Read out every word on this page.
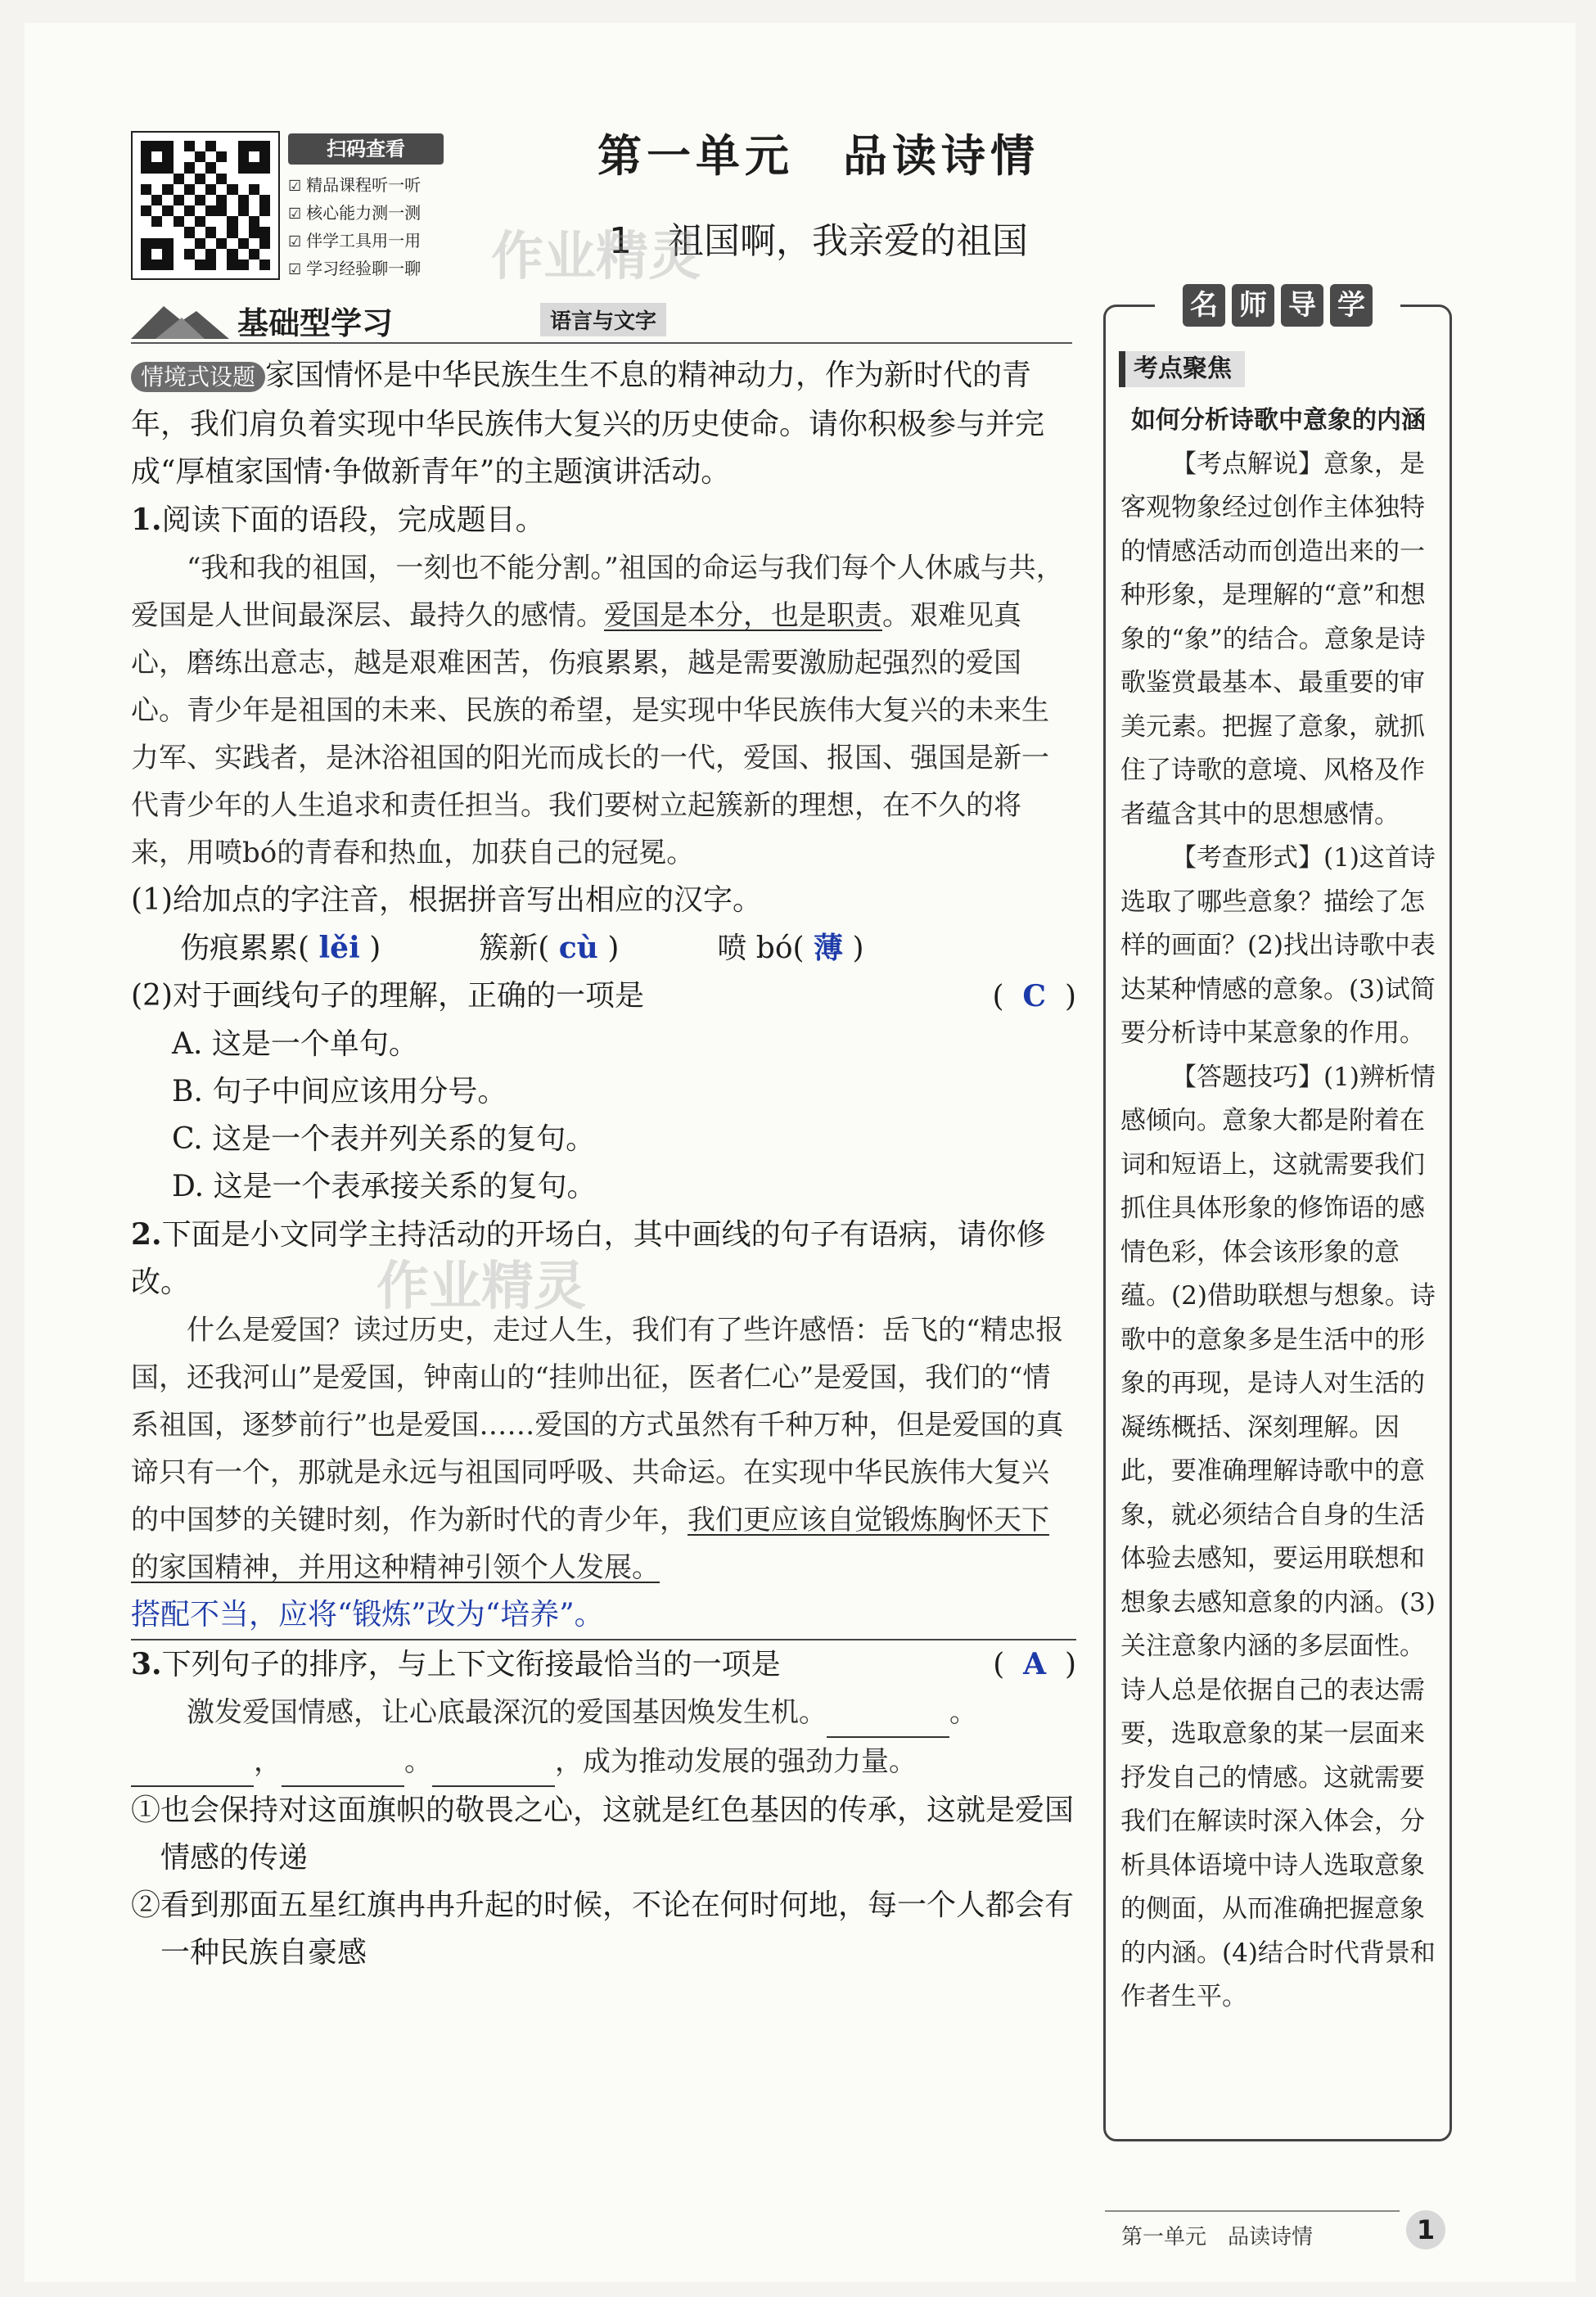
扫码查看
☑ 精品课程听一听
☑ 核心能力测一测
☑ 伴学工具用一用
☑ 学习经验聊一聊
第一单元　品读诗情
1　祖国啊，我亲爱的祖国
作业精灵
基础型学习	语言与文字

情境式设题 家国情怀是中华民族生生不息的精神动力，作为新时代的青年，我们肩负着实现中华民族伟大复兴的历史使命。请你积极参与并完成“厚植家国情·争做新青年”的主题演讲活动。

1.阅读下面的语段，完成题目。

“我和我的祖国，一刻也不能分割。”祖国的命运与我们每个人休戚与共，爱国是人世间最深层、最持久的感情。爱国是本分，也是职责。艰难见真心，磨练出意志，越是艰难困苦，伤痕累累，越是需要激励起强烈的爱国心。青少年是祖国的未来、民族的希望，是实现中华民族伟大复兴的未来生力军、实践者，是沐浴祖国的阳光而成长的一代，爱国、报国、强国是新一代青少年的人生追求和责任担当。我们要树立起簇新的理想，在不久的将来，用喷bó的青春和热血，加获自己的冠冕。

(1)给加点的字注音，根据拼音写出相应的汉字。

伤痕累累( lěi )	簇新( cù )	喷 bó( 薄 )
(2)对于画线句子的理解，正确的一项是	(  C  )

A. 这是一个单句。

B. 句子中间应该用分号。

C. 这是一个表并列关系的复句。

D. 这是一个表承接关系的复句。

2.下面是小文同学主持活动的开场白，其中画线的句子有语病，请你修改。

什么是爱国？读过历史，走过人生，我们有了些许感悟：岳飞的“精忠报国，还我河山”是爱国，钟南山的“挂帅出征，医者仁心”是爱国，我们的“情系祖国，逐梦前行”也是爱国……爱国的方式虽然有千种万种，但是爱国的真谛只有一个，那就是永远与祖国同呼吸、共命运。在实现中华民族伟大复兴的中国梦的关键时刻，作为新时代的青少年，我们更应该自觉锻炼胸怀天下的家国精神，并用这种精神引领个人发展。

搭配不当，应将“锻炼”改为“培养”。

3.下列句子的排序，与上下文衔接最恰当的一项是	(  A  )

激发爱国情感，让心底最深沉的爱国基因焕发生机。	。

，	。	，成为推动发展的强劲力量。

①也会保持对这面旗帜的敬畏之心，这就是红色基因的传承，这就是爱国情感的传递

②看到那面五星红旗冉冉升起的时候，不论在何时何地，每一个人都会有一种民族自豪感

作业精灵
名 师 导 学
考点聚焦
如何分析诗歌中意象的内涵

【考点解说】意象，是客观物象经过创作主体独特的情感活动而创造出来的一种形象，是理解的“意”和想象的“象”的结合。意象是诗歌鉴赏最基本、最重要的审美元素。把握了意象，就抓住了诗歌的意境、风格及作者蕴含其中的思想感情。

【考查形式】(1)这首诗选取了哪些意象？描绘了怎样的画面？(2)找出诗歌中表达某种情感的意象。(3)试简要分析诗中某意象的作用。

【答题技巧】(1)辨析情感倾向。意象大都是附着在词和短语上，这就需要我们抓住具体形象的修饰语的感情色彩，体会该形象的意蕴。(2)借助联想与想象。诗歌中的意象多是生活中的形象的再现，是诗人对生活的凝练概括、深刻理解。因此，要准确理解诗歌中的意象，就必须结合自身的生活体验去感知，要运用联想和想象去感知意象的内涵。(3)关注意象内涵的多层面性。诗人总是依据自己的表达需要，选取意象的某一层面来抒发自己的情感。这就需要我们在解读时深入体会，分析具体语境中诗人选取意象的侧面，从而准确把握意象的内涵。(4)结合时代背景和作者生平。

第一单元　品读诗情	1
